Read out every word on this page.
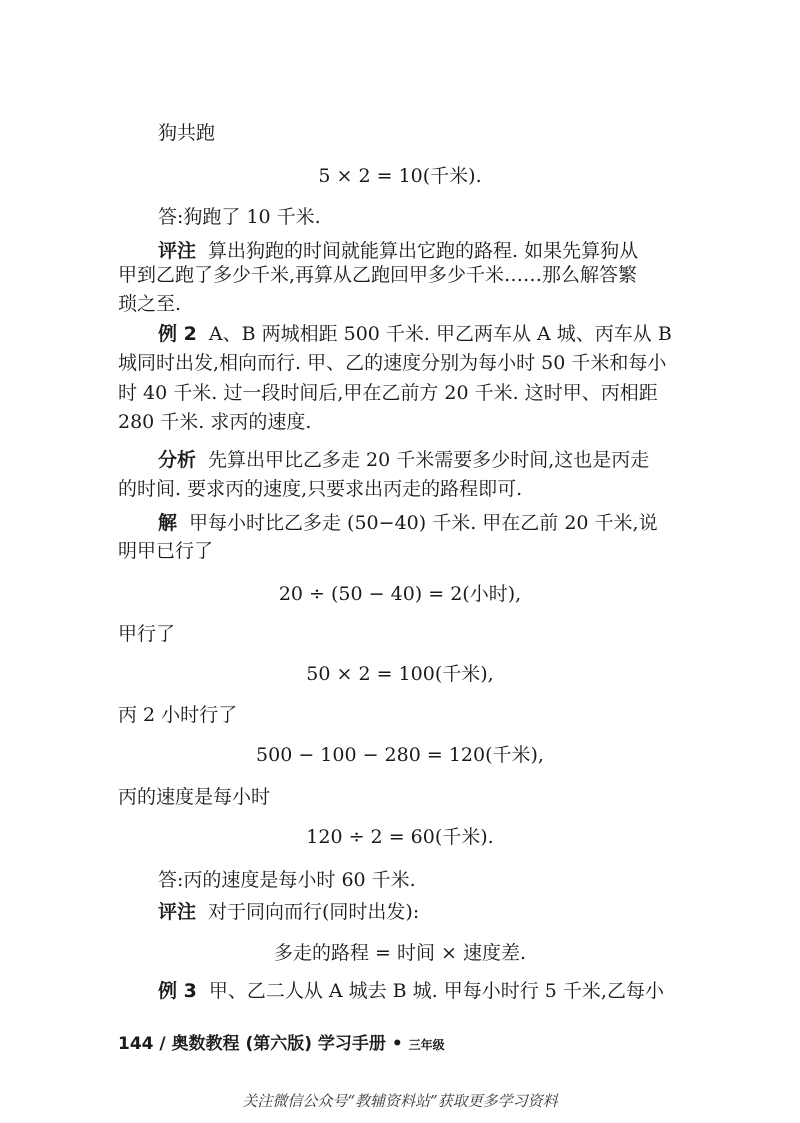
狗共跑
5 × 2 = 10(千米).
答:狗跑了 10 千米.
评注 算出狗跑的时间就能算出它跑的路程. 如果先算狗从
甲到乙跑了多少千米,再算从乙跑回甲多少千米……那么解答繁
琐之至.
例 2 A、B 两城相距 500 千米. 甲乙两车从 A 城、丙车从 B
城同时出发,相向而行. 甲、乙的速度分别为每小时 50 千米和每小
时 40 千米. 过一段时间后,甲在乙前方 20 千米. 这时甲、丙相距
280 千米. 求丙的速度.
分析 先算出甲比乙多走 20 千米需要多少时间,这也是丙走
的时间. 要求丙的速度,只要求出丙走的路程即可.
解 甲每小时比乙多走 (50−40) 千米. 甲在乙前 20 千米,说
明甲已行了
20 ÷ (50 − 40) = 2(小时),
甲行了
50 × 2 = 100(千米),
丙 2 小时行了
500 − 100 − 280 = 120(千米),
丙的速度是每小时
120 ÷ 2 = 60(千米).
答:丙的速度是每小时 60 千米.
评注 对于同向而行(同时出发):
多走的路程 = 时间 × 速度差.
例 3 甲、乙二人从 A 城去 B 城. 甲每小时行 5 千米,乙每小
144 / 奥数教程 (第六版) 学习手册 • 三年级
关注微信公众号“教辅资料站”获取更多学习资料
